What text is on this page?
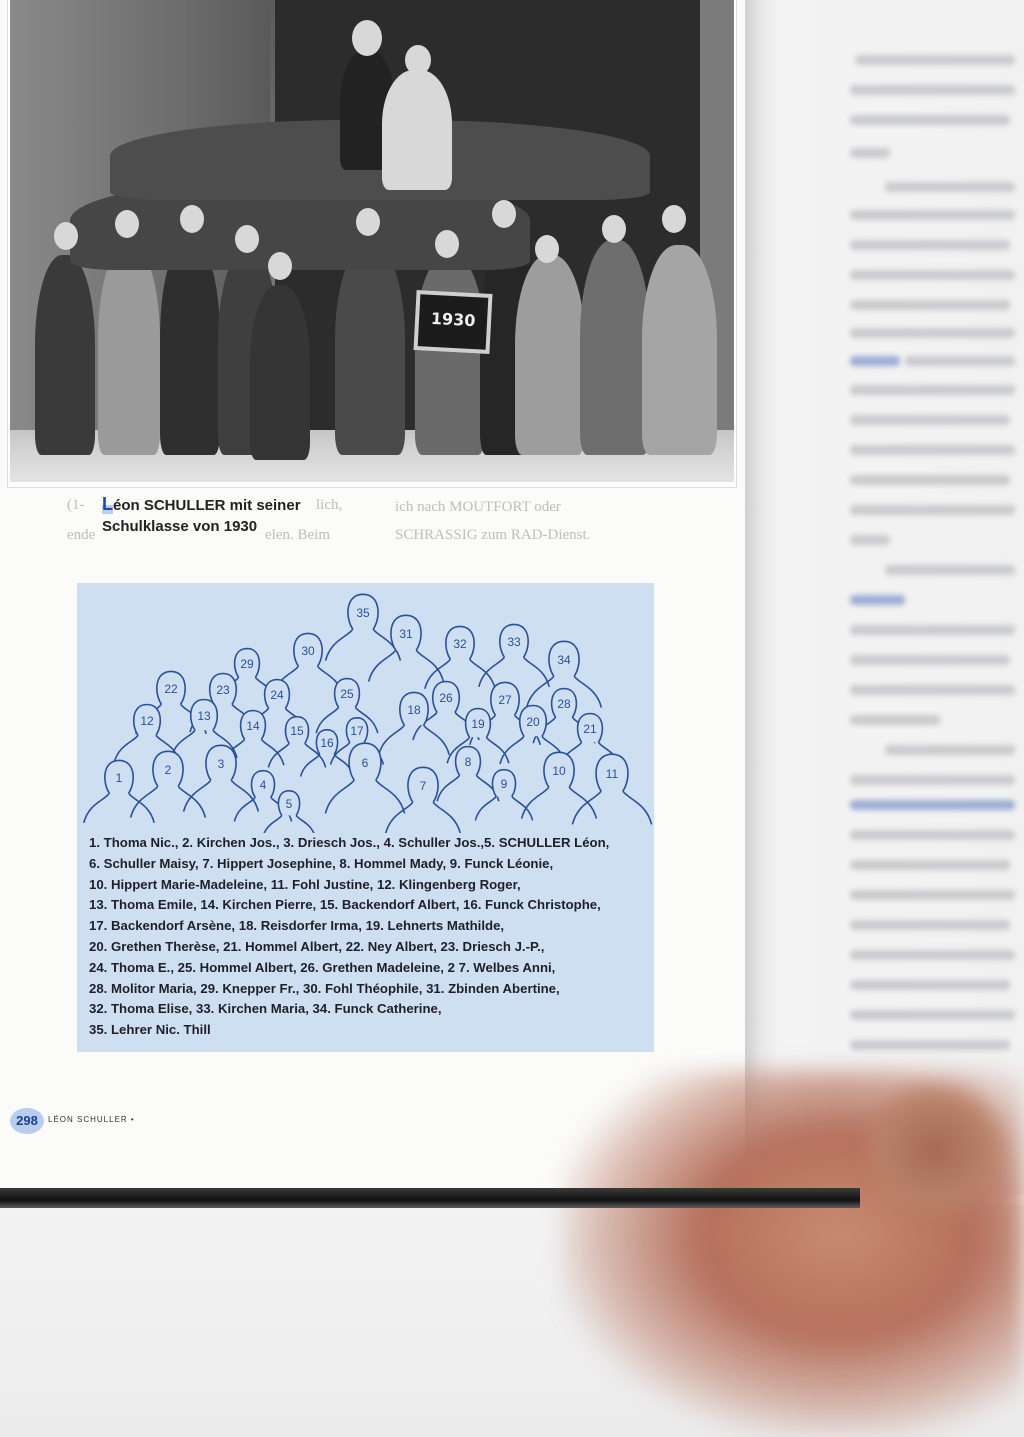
1930
Léon SCHULLER mit seiner
Schulklasse von 1930
(1-	lich,
elen. Beim
ende
ich nach MOUTFORT oder
SCHRASSIG zum RAD-Dienst.
35
31
32	33
30
29	34
22	23	24	25	26	27	28
18
12	13
14	15
16
17	19	20	21
8
6
1
2	3
4
5
7	9
10	11
1. Thoma Nic., 2. Kirchen Jos., 3. Driesch Jos., 4. Schuller Jos.,5. SCHULLER Léon,
6. Schuller Maisy, 7. Hippert Josephine, 8. Hommel Mady, 9. Funck Léonie,
10. Hippert Marie-Madeleine, 11. Fohl Justine, 12. Klingenberg Roger,
13. Thoma Emile, 14. Kirchen Pierre, 15. Backendorf Albert, 16. Funck Christophe,
17. Backendorf Arsène, 18. Reisdorfer Irma, 19. Lehnerts Mathilde,
20. Grethen Therèse, 21. Hommel Albert, 22. Ney Albert, 23. Driesch J.-P.,
24. Thoma E., 25. Hommel Albert, 26. Grethen Madeleine, 2 7. Welbes Anni,
28. Molitor Maria, 29. Knepper Fr., 30. Fohl Théophile, 31. Zbinden Abertine,
32. Thoma Elise, 33. Kirchen Maria, 34. Funck Catherine,
35. Lehrer Nic. Thill
298	LÉON SCHULLER •
